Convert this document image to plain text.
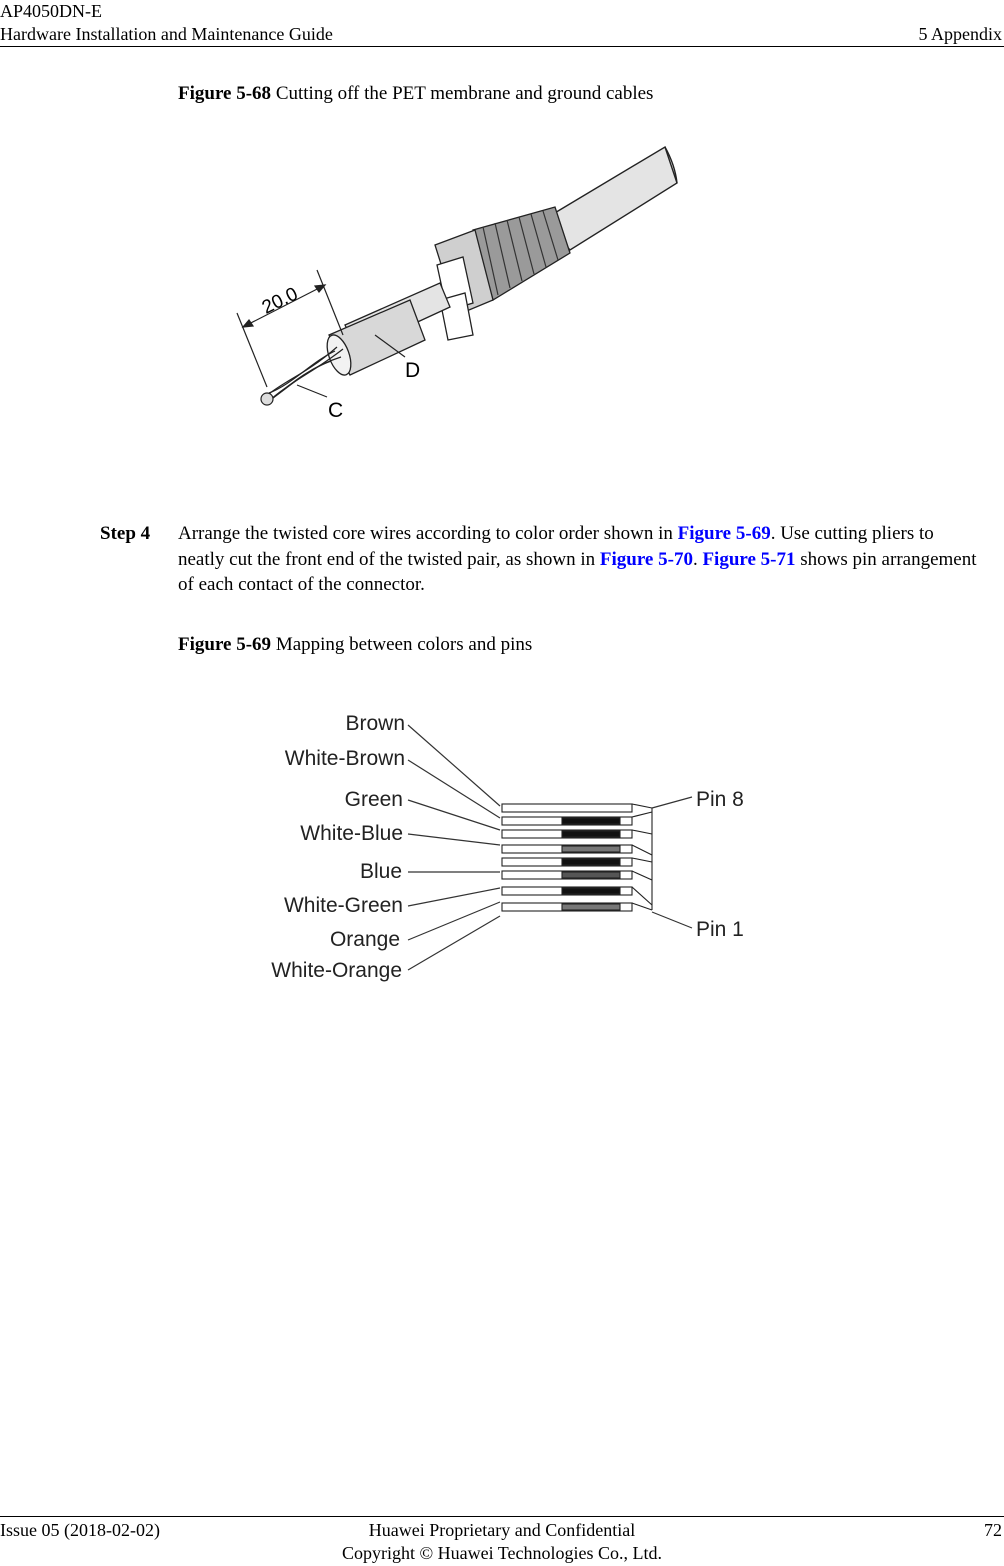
AP4050DN-E
Hardware Installation and Maintenance Guide	5 Appendix
Figure 5-68 Cutting off the PET membrane and ground cables
20.0
C
D
Step 4 Arrange the twisted core wires according to color order shown in Figure 5-69. Use cutting pliers to neatly cut the front end of the twisted pair, as shown in Figure 5-70. Figure 5-71 shows pin arrangement of each contact of the connector.
Figure 5-69 Mapping between colors and pins
Brown
White-Brown
Green
White-Blue
Blue
White-Green
Orange
White-Orange
Pin 8
Pin 1
Issue 05 (2018-02-02)	Huawei Proprietary and Confidential
Copyright © Huawei Technologies Co., Ltd.
72
